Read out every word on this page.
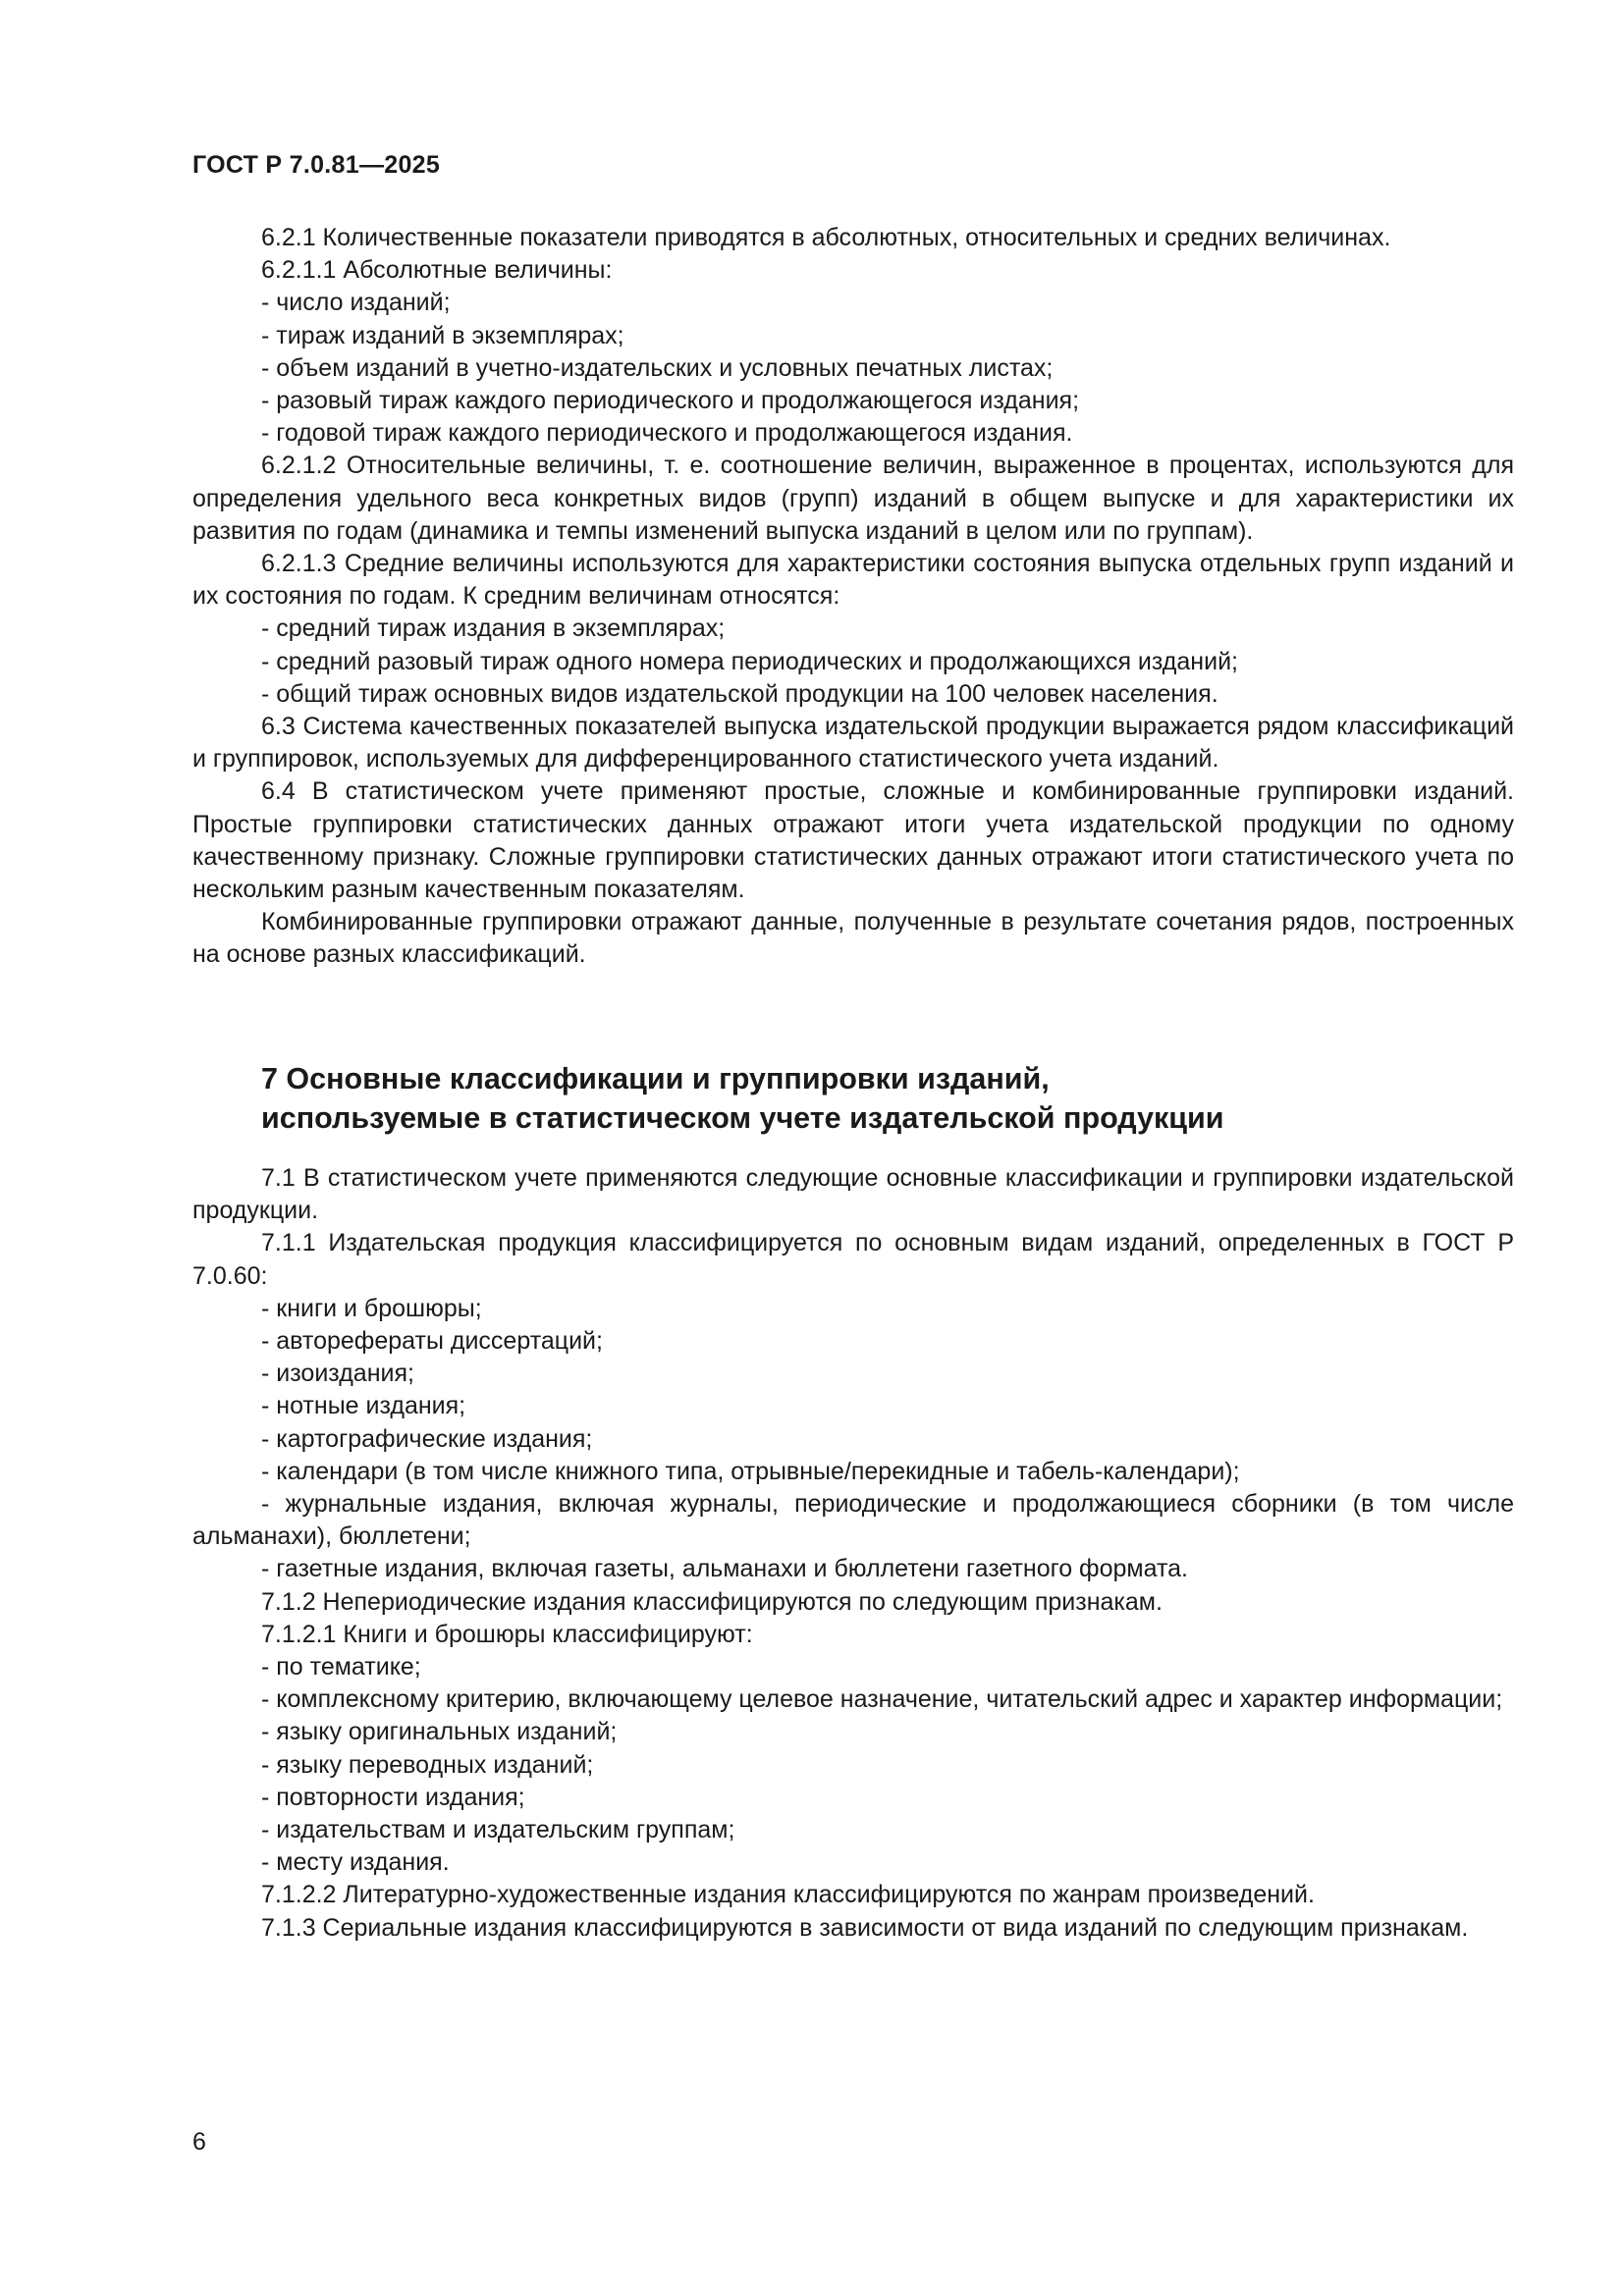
ГОСТ Р 7.0.81—2025

6.2.1 Количественные показатели приводятся в абсолютных, относительных и средних величинах.

6.2.1.1 Абсолютные величины:

- число изданий;

- тираж изданий в экземплярах;

- объем изданий в учетно-издательских и условных печатных листах;

- разовый тираж каждого периодического и продолжающегося издания;

- годовой тираж каждого периодического и продолжающегося издания.

6.2.1.2 Относительные величины, т. е. соотношение величин, выраженное в процентах, используются для определения удельного веса конкретных видов (групп) изданий в общем выпуске и для характеристики их развития по годам (динамика и темпы изменений выпуска изданий в целом или по группам).

6.2.1.3 Средние величины используются для характеристики состояния выпуска отдельных групп изданий и их состояния по годам. К средним величинам относятся:

- средний тираж издания в экземплярах;

- средний разовый тираж одного номера периодических и продолжающихся изданий;

- общий тираж основных видов издательской продукции на 100 человек населения.

6.3 Система качественных показателей выпуска издательской продукции выражается рядом классификаций и группировок, используемых для дифференцированного статистического учета изданий.

6.4 В статистическом учете применяют простые, сложные и комбинированные группировки изданий. Простые группировки статистических данных отражают итоги учета издательской продукции по одному качественному признаку. Сложные группировки статистических данных отражают итоги статистического учета по нескольким разным качественным показателям.

Комбинированные группировки отражают данные, полученные в результате сочетания рядов, построенных на основе разных классификаций.

7 Основные классификации и группировки изданий,
используемые в статистическом учете издательской продукции

7.1 В статистическом учете применяются следующие основные классификации и группировки издательской продукции.

7.1.1 Издательская продукция классифицируется по основным видам изданий, определенных в ГОСТ Р 7.0.60:

- книги и брошюры;

- авторефераты диссертаций;

- изоиздания;

- нотные издания;

- картографические издания;

- календари (в том числе книжного типа, отрывные/перекидные и табель-календари);

- журнальные издания, включая журналы, периодические и продолжающиеся сборники (в том числе альманахи), бюллетени;

- газетные издания, включая газеты, альманахи и бюллетени газетного формата.

7.1.2 Непериодические издания классифицируются по следующим признакам.

7.1.2.1 Книги и брошюры классифицируют:

- по тематике;

- комплексному критерию, включающему целевое назначение, читательский адрес и характер информации;

- языку оригинальных изданий;

- языку переводных изданий;

- повторности издания;

- издательствам и издательским группам;

- месту издания.

7.1.2.2 Литературно-художественные издания классифицируются по жанрам произведений.

7.1.3 Сериальные издания классифицируются в зависимости от вида изданий по следующим признакам.

6
